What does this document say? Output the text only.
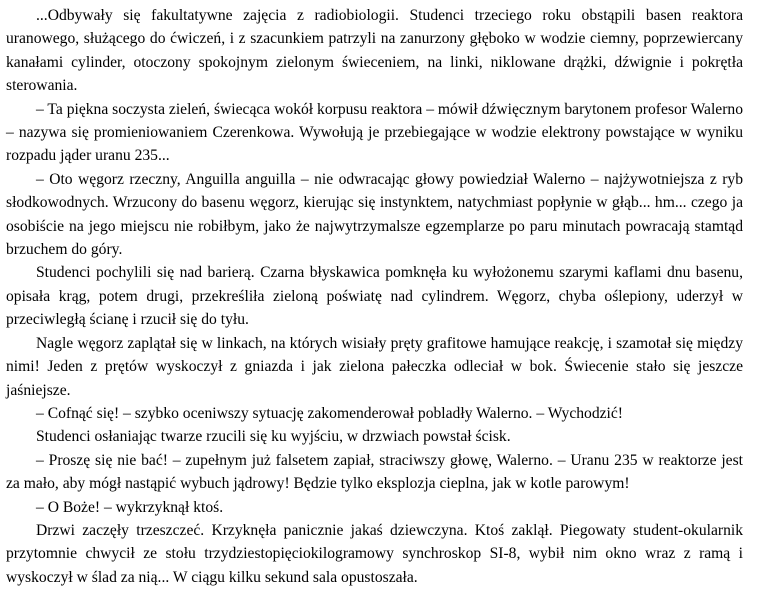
...Odbywały się fakultatywne zajęcia z radiobiologii. Studenci trzeciego roku obstąpili basen reaktora uranowego, służącego do ćwiczeń, i z szacunkiem patrzyli na zanurzony głęboko w wodzie ciemny, poprzewiercany kanałami cylinder, otoczony spokojnym zielonym świeceniem, na linki, niklowane drążki, dźwignie i pokrętła sterowania.

– Ta piękna soczysta zieleń, świecąca wokół korpusu reaktora – mówił dźwięcznym barytonem profesor Walerno – nazywa się promieniowaniem Czerenkowa. Wywołują je przebiegające w wodzie elektrony powstające w wyniku rozpadu jąder uranu 235...

– Oto węgorz rzeczny, Anguilla anguilla – nie odwracając głowy powiedział Walerno – najżywotniejsza z ryb słodkowodnych. Wrzucony do basenu węgorz, kierując się instynktem, natychmiast popłynie w głąb... hm... czego ja osobiście na jego miejscu nie robiłbym, jako że najwytrzymalsze egzemplarze po paru minutach powracają stamtąd brzuchem do góry.

Studenci pochylili się nad barierą. Czarna błyskawica pomknęła ku wyłożonemu szarymi kaflami dnu basenu, opisała krąg, potem drugi, przekreśliła zieloną poświatę nad cylindrem. Węgorz, chyba oślepiony, uderzył w przeciwległą ścianę i rzucił się do tyłu.

Nagle węgorz zaplątał się w linkach, na których wisiały pręty grafitowe hamujące reakcję, i szamotał się między nimi! Jeden z prętów wyskoczył z gniazda i jak zielona pałeczka odleciał w bok. Świecenie stało się jeszcze jaśniejsze.

– Cofnąć się! – szybko oceniwszy sytuację zakomenderował pobladły Walerno. – Wychodzić!

Studenci osłaniając twarze rzucili się ku wyjściu, w drzwiach powstał ścisk.

– Proszę się nie bać! – zupełnym już falsetem zapiał, straciwszy głowę, Walerno. – Uranu 235 w reaktorze jest za mało, aby mógł nastąpić wybuch jądrowy! Będzie tylko eksplozja cieplna, jak w kotle parowym!

– O Boże! – wykrzyknął ktoś.

Drzwi zaczęły trzeszczeć. Krzyknęła panicznie jakaś dziewczyna. Ktoś zaklął. Piegowaty student-okularnik przytomnie chwycił ze stołu trzydziestopięciokilogramowy synchroskop SI-8, wybił nim okno wraz z ramą i wyskoczył w ślad za nią... W ciągu kilku sekund sala opustoszała.
